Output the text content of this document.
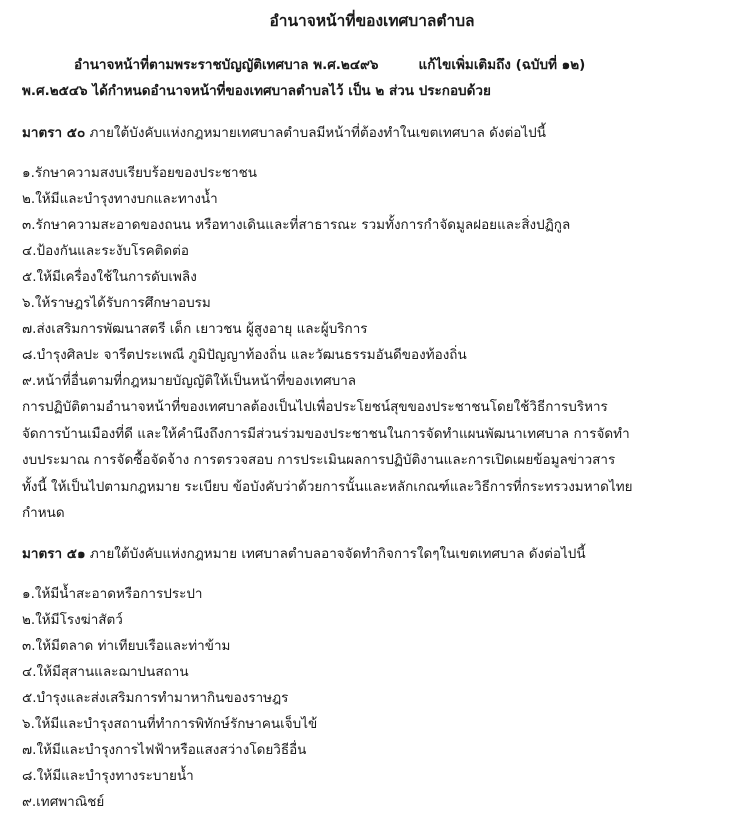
อำนาจหน้าที่ของเทศบาลตำบล
อำนาจหน้าที่ตามพระราชบัญญัติเทศบาล พ.ศ.๒๔๙๖	แก้ไขเพิ่มเติมถึง (ฉบับที่ ๑๒)
พ.ศ.๒๕๔๖ ได้กำหนดอำนาจหน้าที่ของเทศบาลตำบลไว้ เป็น ๒ ส่วน ประกอบด้วย
มาตรา ๕๐ ภายใต้บังคับแห่งกฎหมายเทศบาลตำบลมีหน้าที่ต้องทำในเขตเทศบาล ดังต่อไปนี้
๑.รักษาความสงบเรียบร้อยของประชาชน
๒.ให้มีและบำรุงทางบกและทางน้ำ
๓.รักษาความสะอาดของถนน หรือทางเดินและที่สาธารณะ รวมทั้งการกำจัดมูลฝอยและสิ่งปฏิกูล
๔.ป้องกันและระงับโรคติดต่อ
๕.ให้มีเครื่องใช้ในการดับเพลิง
๖.ให้ราษฎรได้รับการศึกษาอบรม
๗.ส่งเสริมการพัฒนาสตรี เด็ก เยาวชน ผู้สูงอายุ และผู้บริการ
๘.บำรุงศิลปะ จารีตประเพณี ภูมิปัญญาท้องถิ่น และวัฒนธรรมอันดีของท้องถิ่น
๙.หน้าที่อื่นตามที่กฎหมายบัญญัติให้เป็นหน้าที่ของเทศบาล
การปฏิบัติตามอำนาจหน้าที่ของเทศบาลต้องเป็นไปเพื่อประโยชน์สุขของประชาชนโดยใช้วิธีการบริหาร
จัดการบ้านเมืองที่ดี และให้คำนึงถึงการมีส่วนร่วมของประชาชนในการจัดทำแผนพัฒนาเทศบาล การจัดทำ
งบประมาณ การจัดซื้อจัดจ้าง การตรวจสอบ การประเมินผลการปฏิบัติงานและการเปิดเผยข้อมูลข่าวสาร
ทั้งนี้ ให้เป็นไปตามกฎหมาย ระเบียบ ข้อบังคับว่าด้วยการนั้นและหลักเกณฑ์และวิธีการที่กระทรวงมหาดไทย
กำหนด
มาตรา ๕๑ ภายใต้บังคับแห่งกฎหมาย เทศบาลตำบลอาจจัดทำกิจการใดๆในเขตเทศบาล ดังต่อไปนี้
๑.ให้มีน้ำสะอาดหรือการประปา
๒.ให้มีโรงฆ่าสัตว์
๓.ให้มีตลาด ท่าเทียบเรือและท่าข้าม
๔.ให้มีสุสานและฌาปนสถาน
๕.บำรุงและส่งเสริมการทำมาหากินของราษฎร
๖.ให้มีและบำรุงสถานที่ทำการพิทักษ์รักษาคนเจ็บไข้
๗.ให้มีและบำรุงการไฟฟ้าหรือแสงสว่างโดยวิธีอื่น
๘.ให้มีและบำรุงทางระบายน้ำ
๙.เทศพาณิชย์
